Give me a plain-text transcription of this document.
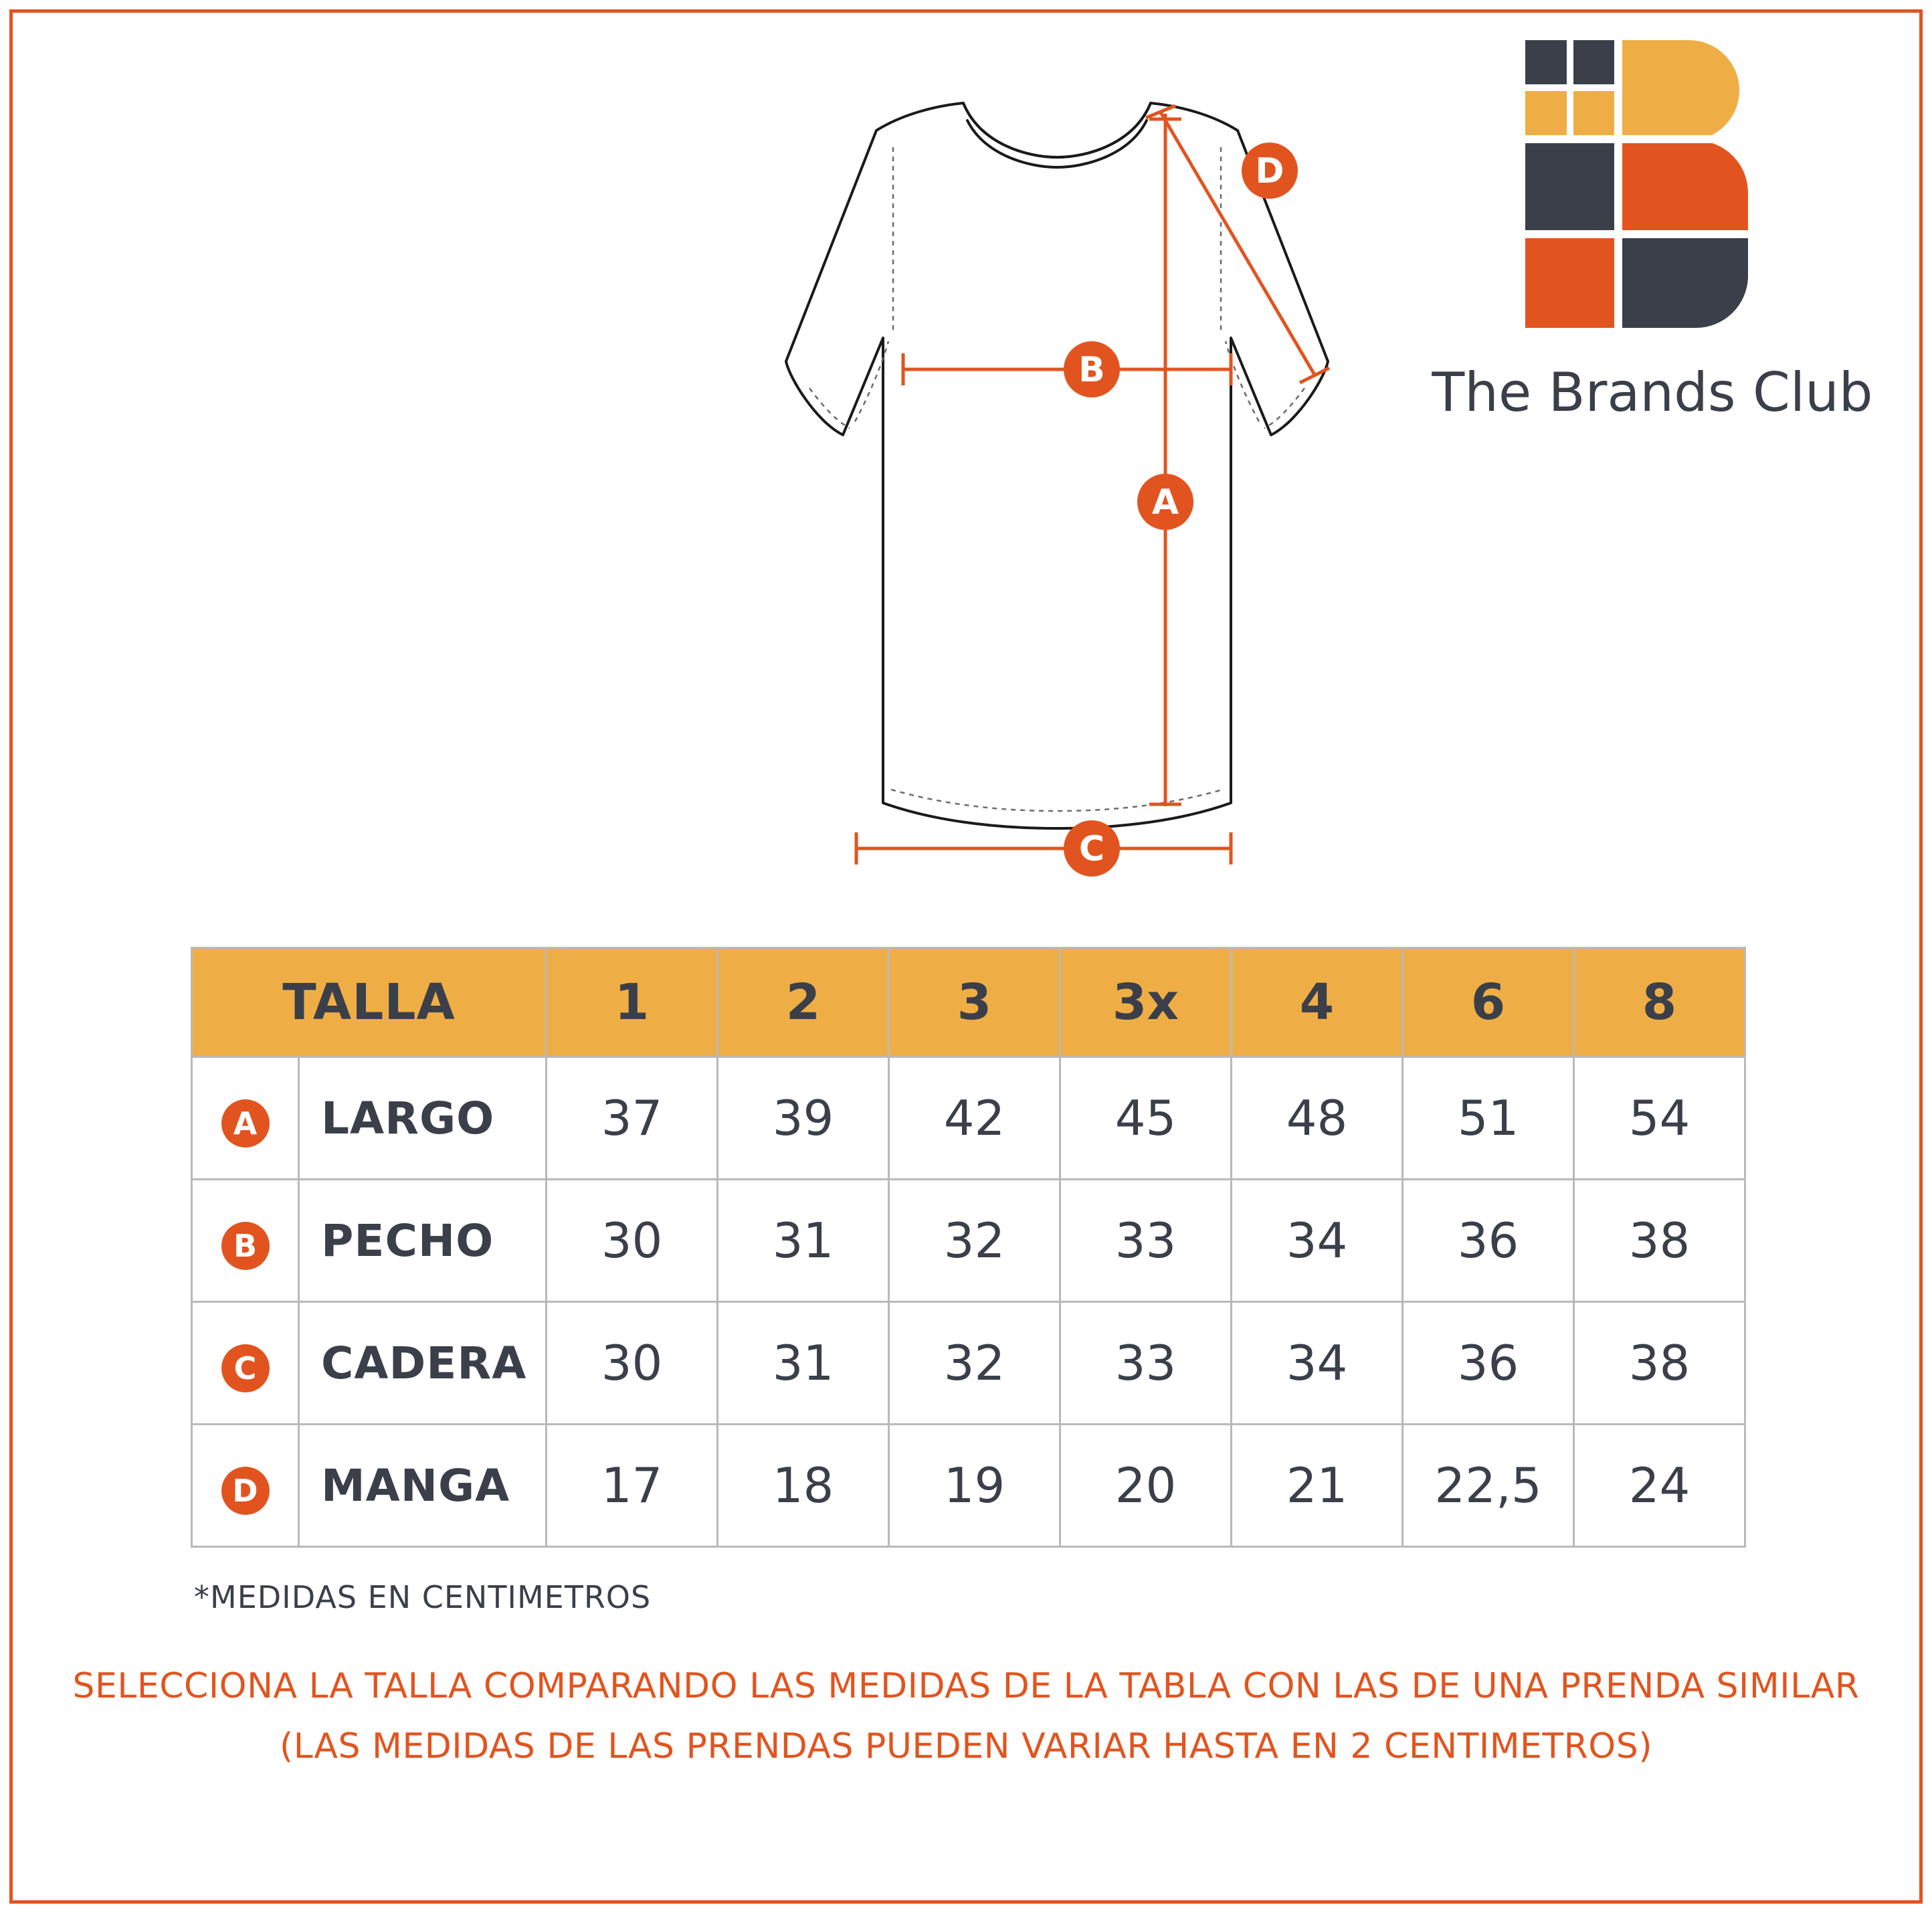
The Brands Club
D
B
A
C
TALLA		1	2	3	3x	4	6	8
A	LARGO	37	39	42	45	48	51	54
B	PECHO	30	31	32	33	34	36	38
C	CADERA	30	31	32	33	34	36	38
D	MANGA	17	18	19	20	21	22,5	24
*MEDIDAS EN CENTIMETROS
SELECCIONA LA TALLA COMPARANDO LAS MEDIDAS DE LA TABLA CON LAS DE UNA PRENDA SIMILAR
(LAS MEDIDAS DE LAS PRENDAS PUEDEN VARIAR HASTA EN 2 CENTIMETROS)
